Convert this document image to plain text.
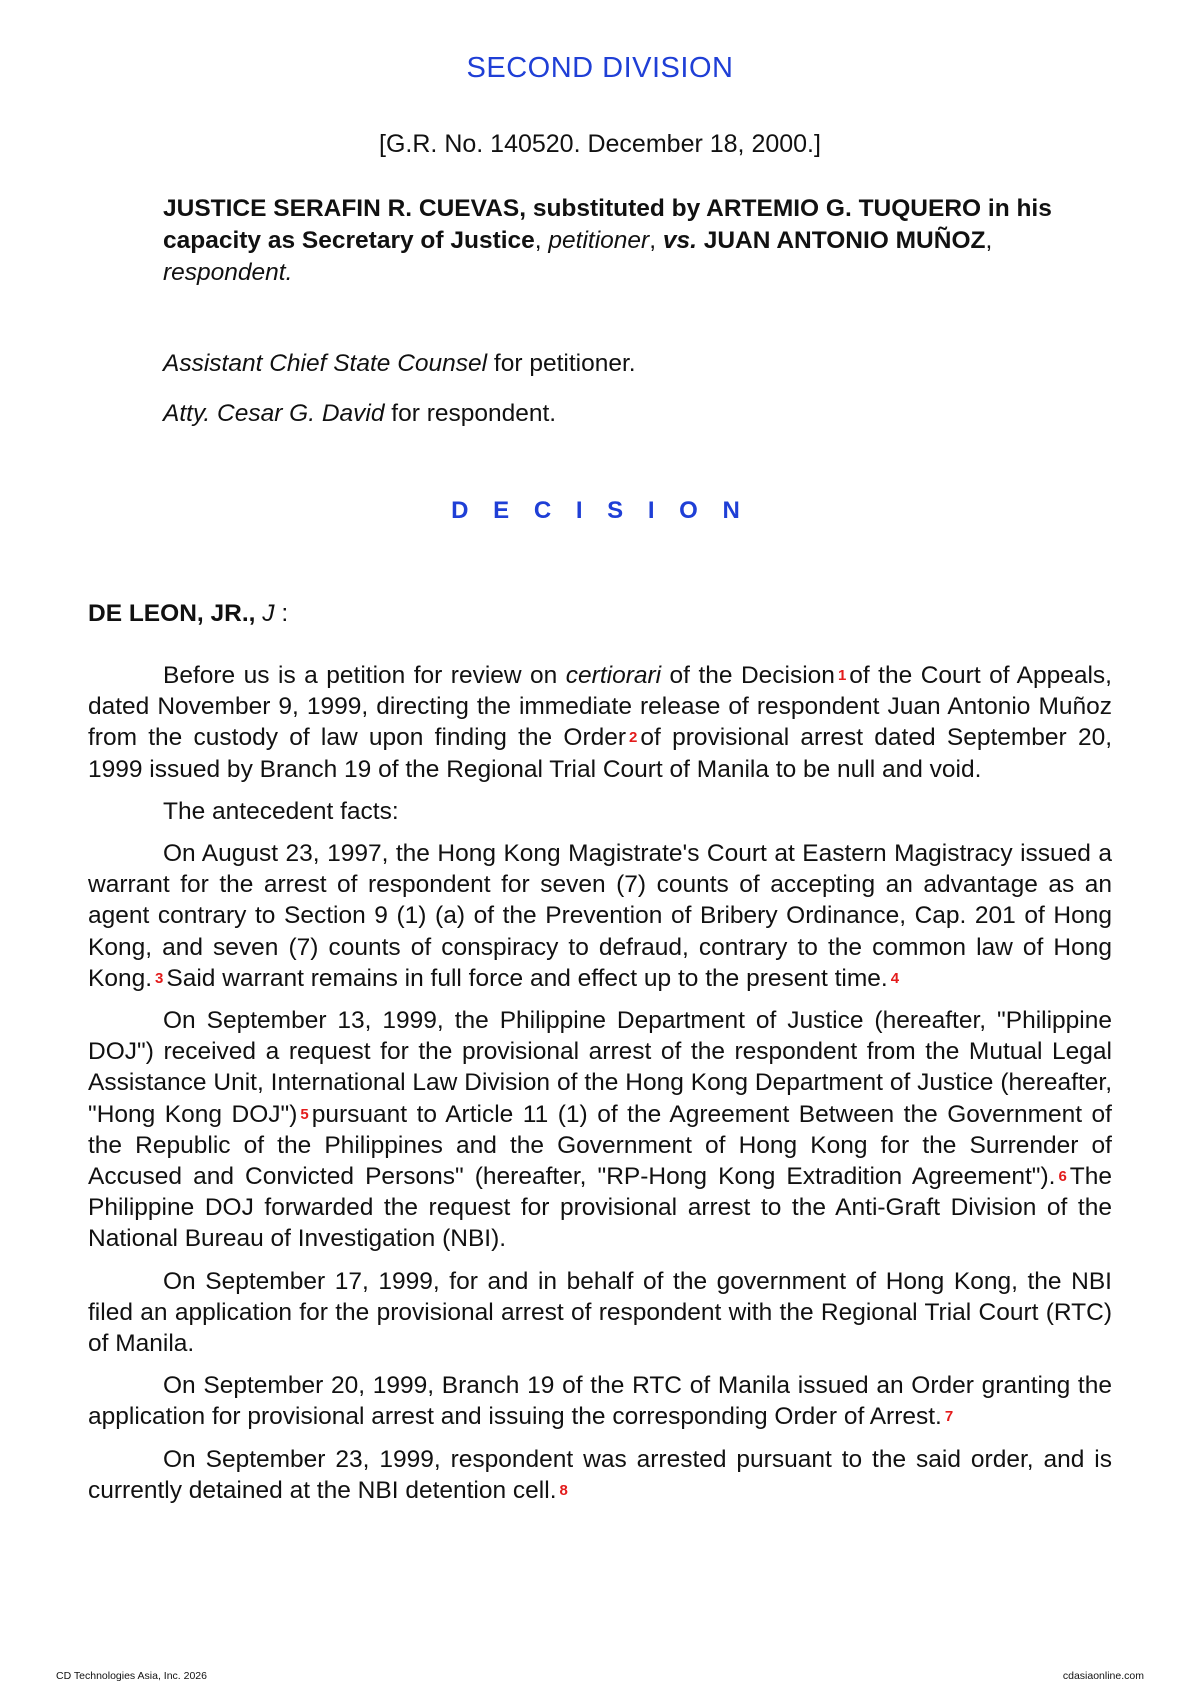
SECOND DIVISION
[G.R. No. 140520. December 18, 2000.]
JUSTICE SERAFIN R. CUEVAS, substituted by ARTEMIO G. TUQUERO in his capacity as Secretary of Justice, petitioner, vs. JUAN ANTONIO MUÑOZ, respondent.
Assistant Chief State Counsel for petitioner.
Atty. Cesar G. David for respondent.
D E C I S I O N
DE LEON, JR., J :

Before us is a petition for review on certiorari of the Decision 1 of the Court of Appeals, dated November 9, 1999, directing the immediate release of respondent Juan Antonio Muñoz from the custody of law upon finding the Order 2 of provisional arrest dated September 20, 1999 issued by Branch 19 of the Regional Trial Court of Manila to be null and void.

The antecedent facts:

On August 23, 1997, the Hong Kong Magistrate's Court at Eastern Magistracy issued a warrant for the arrest of respondent for seven (7) counts of accepting an advantage as an agent contrary to Section 9 (1) (a) of the Prevention of Bribery Ordinance, Cap. 201 of Hong Kong, and seven (7) counts of conspiracy to defraud, contrary to the common law of Hong Kong. 3 Said warrant remains in full force and effect up to the present time. 4

On September 13, 1999, the Philippine Department of Justice (hereafter, "Philippine DOJ") received a request for the provisional arrest of the respondent from the Mutual Legal Assistance Unit, International Law Division of the Hong Kong Department of Justice (hereafter, "Hong Kong DOJ") 5 pursuant to Article 11 (1) of the Agreement Between the Government of the Republic of the Philippines and the Government of Hong Kong for the Surrender of Accused and Convicted Persons" (hereafter, "RP-Hong Kong Extradition Agreement"). 6 The Philippine DOJ forwarded the request for provisional arrest to the Anti-Graft Division of the National Bureau of Investigation (NBI).

On September 17, 1999, for and in behalf of the government of Hong Kong, the NBI filed an application for the provisional arrest of respondent with the Regional Trial Court (RTC) of Manila.

On September 20, 1999, Branch 19 of the RTC of Manila issued an Order granting the application for provisional arrest and issuing the corresponding Order of Arrest. 7

On September 23, 1999, respondent was arrested pursuant to the said order, and is currently detained at the NBI detention cell. 8

CD Technologies Asia, Inc. 2026	cdasiaonline.com
